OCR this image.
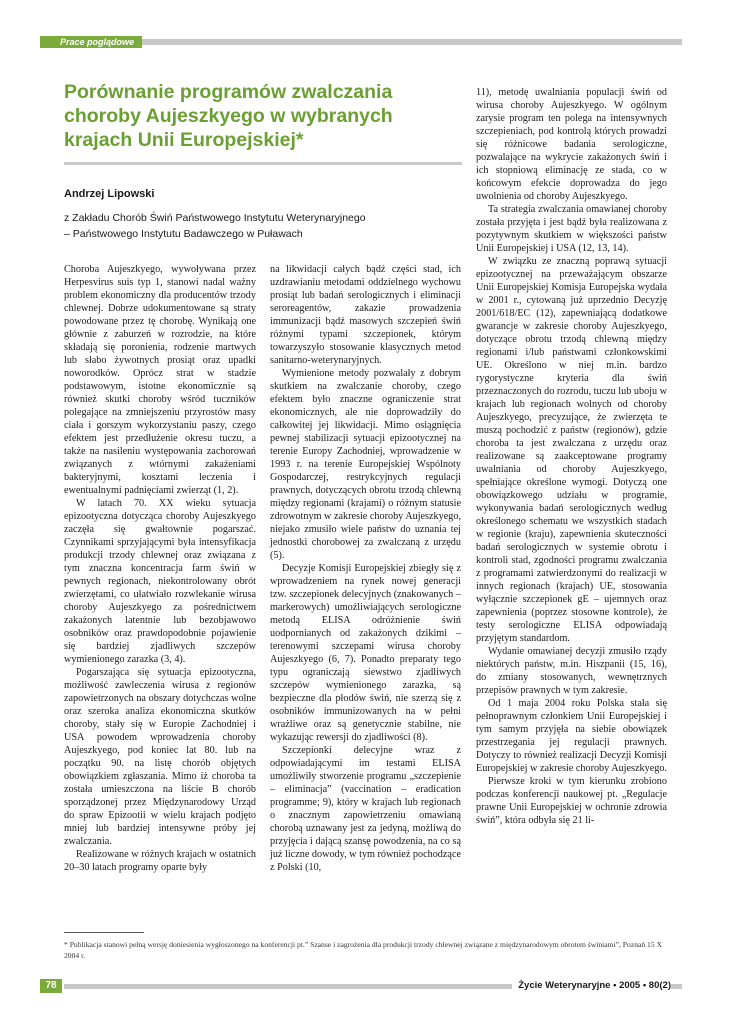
Prace poglądowe
Porównanie programów zwalczania choroby Aujeszkyego w wybranych krajach Unii Europejskiej*
Andrzej Lipowski

z Zakładu Chorób Świń Państwowego Instytutu Weterynaryjnego

– Państwowego Instytutu Badawczego w Puławach

Choroba Aujeszkyego, wywoływana przez Herpesvirus suis typ 1, stanowi nadal ważny problem ekonomiczny dla producentów trzody chlewnej. Dobrze udokumentowane są straty powodowane przez tę chorobę. Wynikają one głównie z zaburzeń w rozrodzie, na które składają się poronienia, rodzenie martwych lub słabo żywotnych prosiąt oraz upadki noworodków. Oprócz strat w stadzie podstawowym, istotne ekonomicznie są również skutki choroby wśród tuczników polegające na zmniejszeniu przyrostów masy ciała i gorszym wykorzystaniu paszy, czego efektem jest przedłużenie okresu tuczu, a także na nasileniu występowania zachorowań związanych z wtórnymi zakażeniami bakteryjnymi, kosztami leczenia i ewentualnymi padnięciami zwierząt (1, 2).

W latach 70. XX wieku sytuacja epizootyczna dotycząca choroby Aujeszkyego zaczęła się gwałtownie pogarszać. Czynnikami sprzyjającymi była intensyfikacja produkcji trzody chlewnej oraz związana z tym znaczna koncentracja farm świń w pewnych regionach, niekontrolowany obrót zwierzętami, co ułatwiało rozwlekanie wirusa choroby Aujeszkyego za pośrednictwem zakażonych latentnie lub bezobjawowo osobników oraz prawdopodobnie pojawienie się bardziej zjadliwych szczepów wymienionego zarazka (3, 4).

Pogarszająca się sytuacja epizootyczna, możliwość zawleczenia wirusa z regionów zapowietrzonych na obszary dotychczas wolne oraz szeroka analiza ekonomiczna skutków choroby, stały się w Europie Zachodniej i USA powodem wprowadzenia choroby Aujeszkyego, pod koniec lat 80. lub na początku 90. na listę chorób objętych obowiązkiem zgłaszania. Mimo iż choroba ta została umieszczona na liście B chorób sporządzonej przez Międzynarodowy Urząd do spraw Epizootii w wielu krajach podjęto mniej lub bardziej intensywne próby jej zwalczania.

Realizowane w różnych krajach w ostatnich 20–30 latach programy oparte były

na likwidacji całych bądź części stad, ich uzdrawianiu metodami oddzielnego wychowu prosiąt lub badań serologicznych i eliminacji seroreagentów, zakazie prowadzenia immunizacji bądź masowych szczepień świń różnymi typami szczepionek, którym towarzyszyło stosowanie klasycznych metod sanitarno-weterynaryjnych.

Wymienione metody pozwalały z dobrym skutkiem na zwalczanie choroby, czego efektem było znaczne ograniczenie strat ekonomicznych, ale nie doprowadziły do całkowitej jej likwidacji. Mimo osiągnięcia pewnej stabilizacji sytuacji epizootycznej na terenie Europy Zachodniej, wprowadzenie w 1993 r. na terenie Europejskiej Wspólnoty Gospodarczej, restrykcyjnych regulacji prawnych, dotyczących obrotu trzodą chlewną między regionami (krajami) o różnym statusie zdrowotnym w zakresie choroby Aujeszkyego, niejako zmusiło wiele państw do uznania tej jednostki chorobowej za zwalczaną z urzędu (5).

Decyzje Komisji Europejskiej zbiegły się z wprowadzeniem na rynek nowej generacji tzw. szczepionek delecyjnych (znakowanych – markerowych) umożliwiających serologiczne metodą ELISA odróżnienie świń uodpornianych od zakażonych dzikimi – terenowymi szczepami wirusa choroby Aujeszkyego (6, 7). Ponadto preparaty tego typu ograniczają siewstwo zjadliwych szczepów wymienionego zarazka, są bezpieczne dla płodów świń, nie szerzą się z osobników immunizowanych na w pełni wrażliwe oraz są genetycznie stabilne, nie wykazując rewersji do zjadliwości (8).

Szczepionki delecyjne wraz z odpowiadającymi im testami ELISA umożliwiły stworzenie programu „szczepienie – eliminacja” (vaccination – eradication programme; 9), który w krajach lub regionach o znacznym zapowietrzeniu omawianą chorobą uznawany jest za jedyną, możliwą do przyjęcia i dającą szansę powodzenia, na co są już liczne dowody, w tym również pochodzące z Polski (10,

11), metodę uwalniania populacji świń od wirusa choroby Aujeszkyego. W ogólnym zarysie program ten polega na intensywnych szczepieniach, pod kontrolą których prowadzi się różnicowe badania serologiczne, pozwalające na wykrycie zakażonych świń i ich stopniową eliminację ze stada, co w końcowym efekcie doprowadza do jego uwolnienia od choroby Aujeszkyego.

Ta strategia zwalczania omawianej choroby została przyjęta i jest bądź była realizowana z pozytywnym skutkiem w większości państw Unii Europejskiej i USA (12, 13, 14).

W związku ze znaczną poprawą sytuacji epizootycznej na przeważającym obszarze Unii Europejskiej Komisja Europejska wydała w 2001 r., cytowaną już uprzednio Decyzję 2001/618/EC (12), zapewniającą dodatkowe gwarancje w zakresie choroby Aujeszkyego, dotyczące obrotu trzodą chlewną między regionami i/lub państwami członkowskimi UE. Określono w niej m.in. bardzo rygorystyczne kryteria dla świń przeznaczonych do rozrodu, tuczu lub uboju w krajach lub regionach wolnych od choroby Aujeszkyego, precyzujące, że zwierzęta te muszą pochodzić z państw (regionów), gdzie choroba ta jest zwalczana z urzędu oraz realizowane są zaakceptowane programy uwalniania od choroby Aujeszkyego, spełniające określone wymogi. Dotyczą one obowiązkowego udziału w programie, wykonywania badań serologicznych według określonego schematu we wszystkich stadach w regionie (kraju), zapewnienia skuteczności badań serologicznych w systemie obrotu i kontroli stad, zgodności programu zwalczania z programami zatwierdzonymi do realizacji w innych regionach (krajach) UE, stosowania wyłącznie szczepionek gE – ujemnych oraz zapewnienia (poprzez stosowne kontrole), że testy serologiczne ELISA odpowiadają przyjętym standardom.

Wydanie omawianej decyzji zmusiło rządy niektórych państw, m.in. Hiszpanii (15, 16), do zmiany stosowanych, wewnętrznych przepisów prawnych w tym zakresie.

Od 1 maja 2004 roku Polska stała się pełnoprawnym członkiem Unii Europejskiej i tym samym przyjęła na siebie obowiązek przestrzegania jej regulacji prawnych. Dotyczy to również realizacji Decyzji Komisji Europejskiej w zakresie choroby Aujeszkyego.

Pierwsze kroki w tym kierunku zrobiono podczas konferencji naukowej pt. „Regulacje prawne Unii Europejskiej w ochronie zdrowia świń”, która odbyła się 21 li-

* Publikacja stanowi pełną wersję doniesienia wygłoszonego na konferencji pt.” Szanse i zagrożenia dla produkcji trzody chlewnej związane z międzynarodowym obrotem świniami”, Poznań 15 X 2004 r.

78	Życie Weterynaryjne • 2005 • 80(2)
